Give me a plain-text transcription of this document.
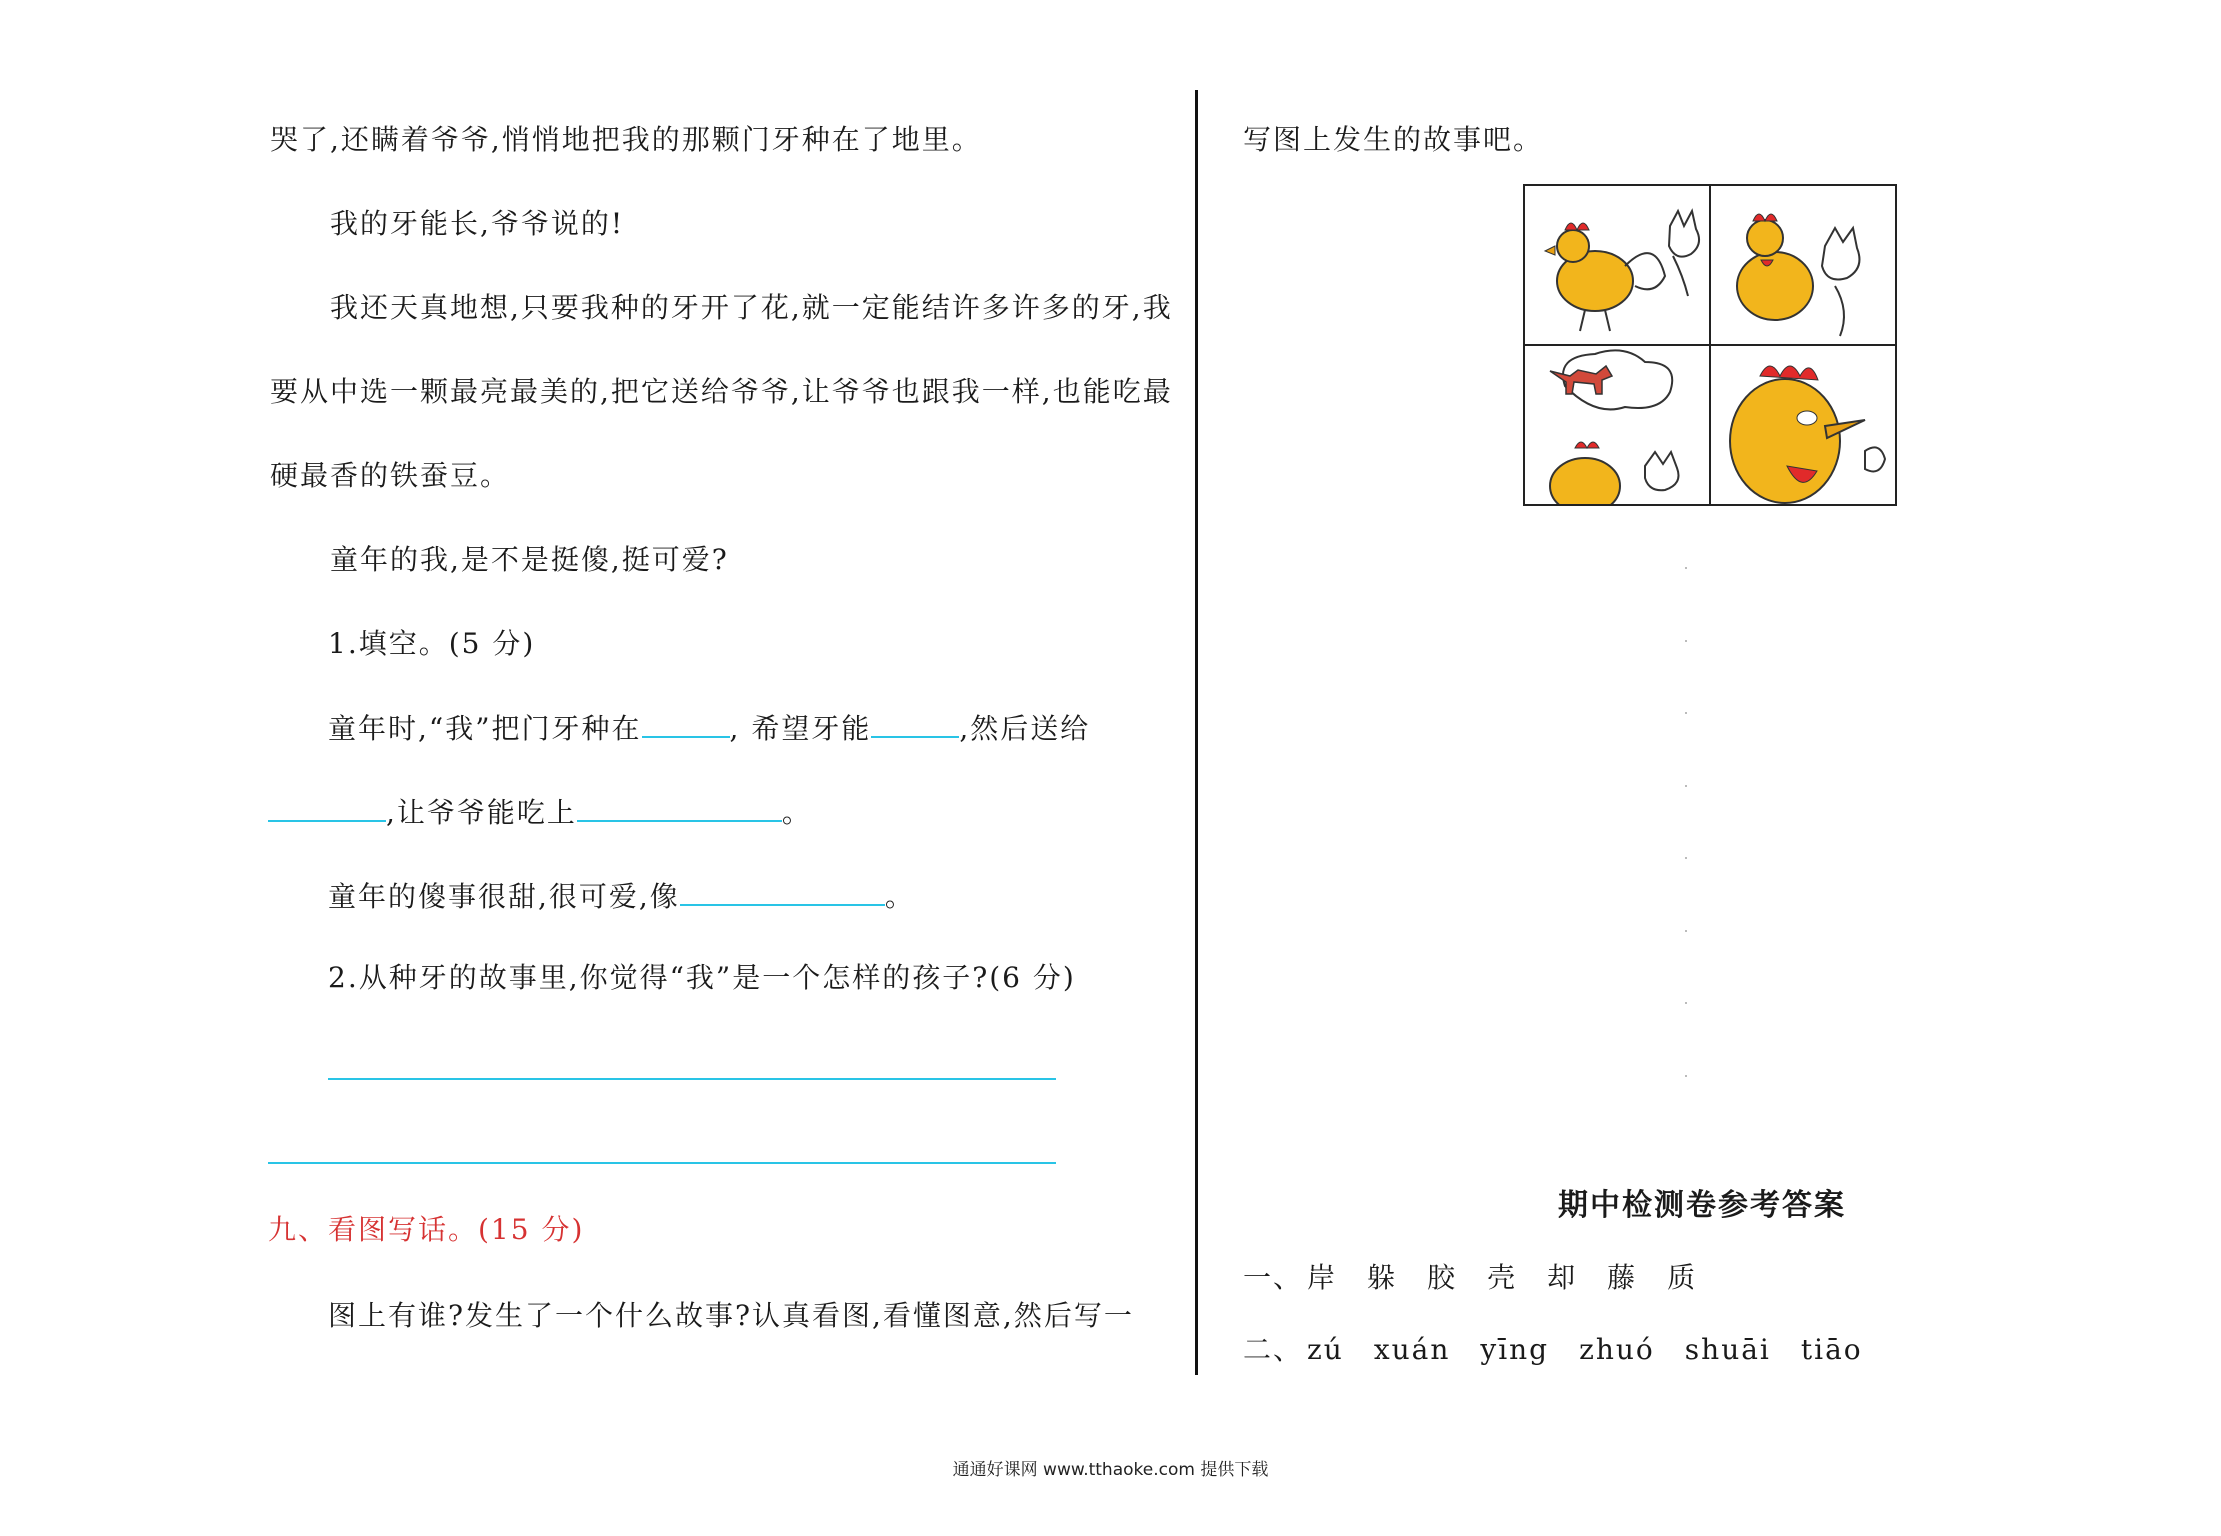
哭了,还瞒着爷爷,悄悄地把我的那颗门牙种在了地里。
我的牙能长,爷爷说的!
我还天真地想,只要我种的牙开了花,就一定能结许多许多的牙,我
要从中选一颗最亮最美的,把它送给爷爷,让爷爷也跟我一样,也能吃最
硬最香的铁蚕豆。
童年的我,是不是挺傻,挺可爱?
1.填空。(5 分)
童年时,“我”把门牙种在	, 希望牙能	,然后送给
,让爷爷能吃上	。
童年的傻事很甜,很可爱,像	。
2.从种牙的故事里,你觉得“我”是一个怎样的孩子?(6 分)
九、看图写话。(15 分)
图上有谁?发生了一个什么故事?认真看图,看懂图意,然后写一
写图上发生的故事吧。
期中检测卷参考答案
一、 岸 躲 胶 壳 却 藤 质
二、 zú xuán yīng zhuó shuāi tiāo
通通好课网 www.tthaoke.com 提供下载
